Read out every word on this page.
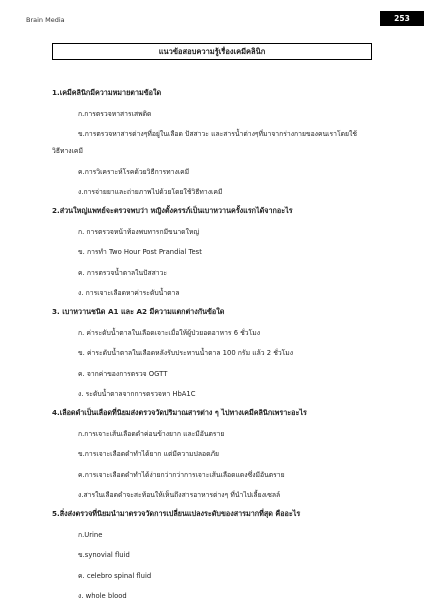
Brain Media	253
แนวข้อสอบความรู้เรื่องเคมีคลินิก
1.เคมีคลินิกมีความหมายตามข้อใด
ก.การตรวจหาสารเสพติด
ข.การตรวจหาสารต่างๆที่อยู่ในเลือด ปัสสาวะ และสารน้ำต่างๆที่มาจากร่างกายของคนเราโดยใช้
วิธีทางเคมี
ค.การวิเคราะห์โรคด้วยวิธีการทางเคมี
ง.การจ่ายยาและถ่ายภาพไปด้วยโดยใช้วิธีทางเคมี
2.ส่วนใหญ่แพทย์จะตรวจพบว่า หญิงตั้งครรภ์เป็นเบาหวานครั้งแรกได้จากอะไร
ก. การตรวจหน้าท้องพบทารกมีขนาดใหญ่
ข. การทำ Two Hour Post Prandial Test
ค. การตรวจน้ำตาลในปัสสาวะ
ง. การเจาะเลือดหาค่าระดับน้ำตาล
3. เบาหวานชนิด A1 และ A2 มีความแตกต่างกันข้อใด
ก. ค่าระดับน้ำตาลในเลือดเจาะเมื่อให้ผู้ป่วยอดอาหาร 6 ชั่วโมง
ข. ค่าระดับน้ำตาลในเลือดหลังรับประทานน้ำตาล 100 กรัม แล้ว 2 ชั่วโมง
ค. จากค่าของการตรวจ OGTT
ง. ระดับน้ำตาลจากการตรวจหา HbA1C
4.เลือดดำเป็นเลือดที่นิยมส่งตรวจวัดปริมาณสารต่าง ๆ ไปทางเคมีคลินิกเพราะอะไร
ก.การเจาะเส้นเลือดดำค่อนข้างยาก และมีอันตราย
ข.การเจาะเลือดดำทำได้ยาก แต่มีความปลอดภัย
ค.การเจาะเลือดดำทำได้ง่ายกว่ากว่าการเจาะเส้นเลือดแดงซึ่งมีอันตราย
ง.สารในเลือดดำจะสะท้อนให้เห็นถึงสารอาหารต่างๆ ที่นำไปเลี้ยงเซลล์
5.สิ่งส่งตรวจที่นิยมนำมาตรวจวัดการเปลี่ยนแปลงระดับของสารมากที่สุด คืออะไร
ก.Urine
ข.synovial fluid
ค. celebro spinal fluid
ง. whole blood
